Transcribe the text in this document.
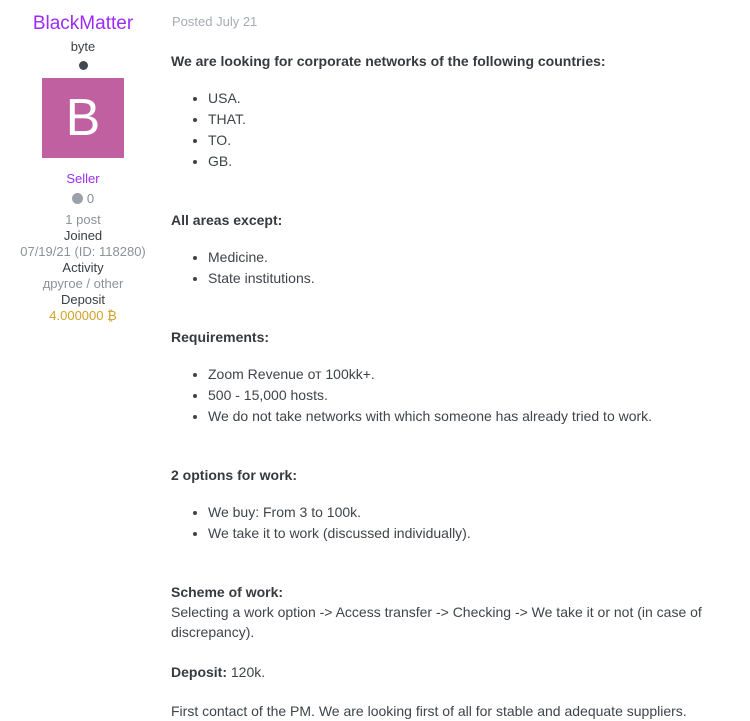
BlackMatter
byte
B
Seller
0
1 post
Joined
07/19/21 (ID: 118280)
Activity
другое / other
Deposit
4.000000 ₿

Posted July 21

We are looking for corporate networks of the following countries:

• USA.
• THAT.
• TO.
• GB.

All areas except:

• Medicine.
• State institutions.

Requirements:

• Zoom Revenue от 100kk+.
• 500 - 15,000 hosts.
• We do not take networks with which someone has already tried to work.

2 options for work:

• We buy: From 3 to 100k.
• We take it to work (discussed individually).

Scheme of work:

Selecting a work option -> Access transfer -> Checking -> We take it or not (in case of discrepancy).

Deposit: 120k.

First contact of the PM. We are looking first of all for stable and adequate suppliers.
